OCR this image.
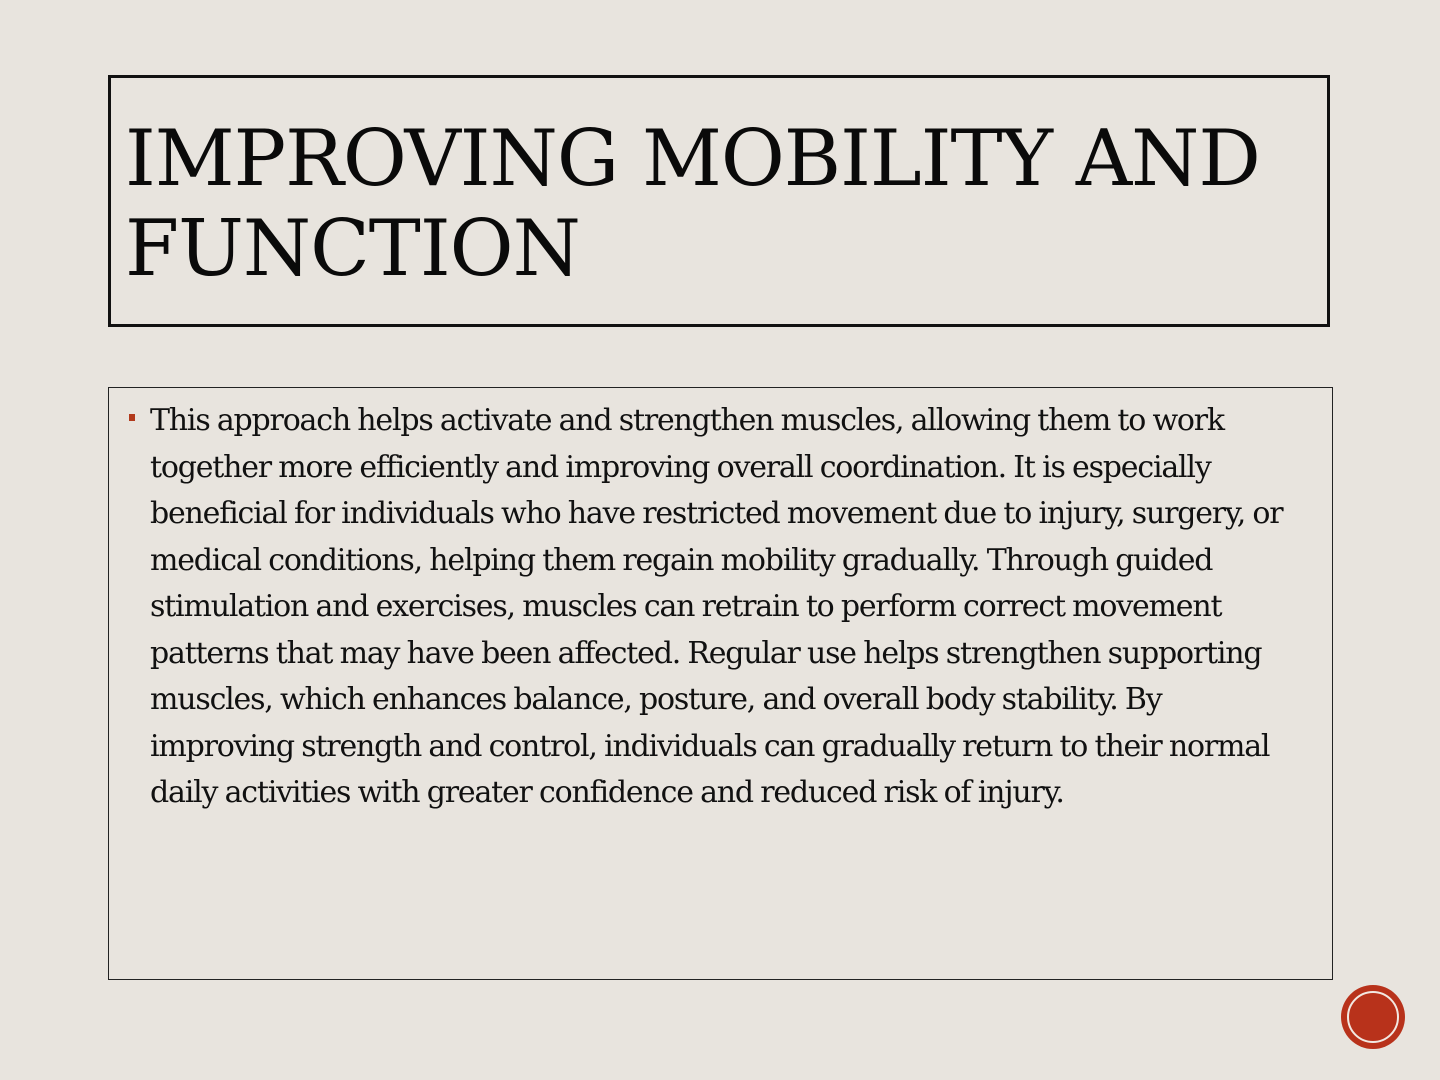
IMPROVING MOBILITY AND
FUNCTION

This approach helps activate and strengthen muscles, allowing them to work together more efficiently and improving overall coordination. It is especially beneficial for individuals who have restricted movement due to injury, surgery, or medical conditions, helping them regain mobility gradually. Through guided stimulation and exercises, muscles can retrain to perform correct movement patterns that may have been affected. Regular use helps strengthen supporting muscles, which enhances balance, posture, and overall body stability. By improving strength and control, individuals can gradually return to their normal daily activities with greater confidence and reduced risk of injury.
